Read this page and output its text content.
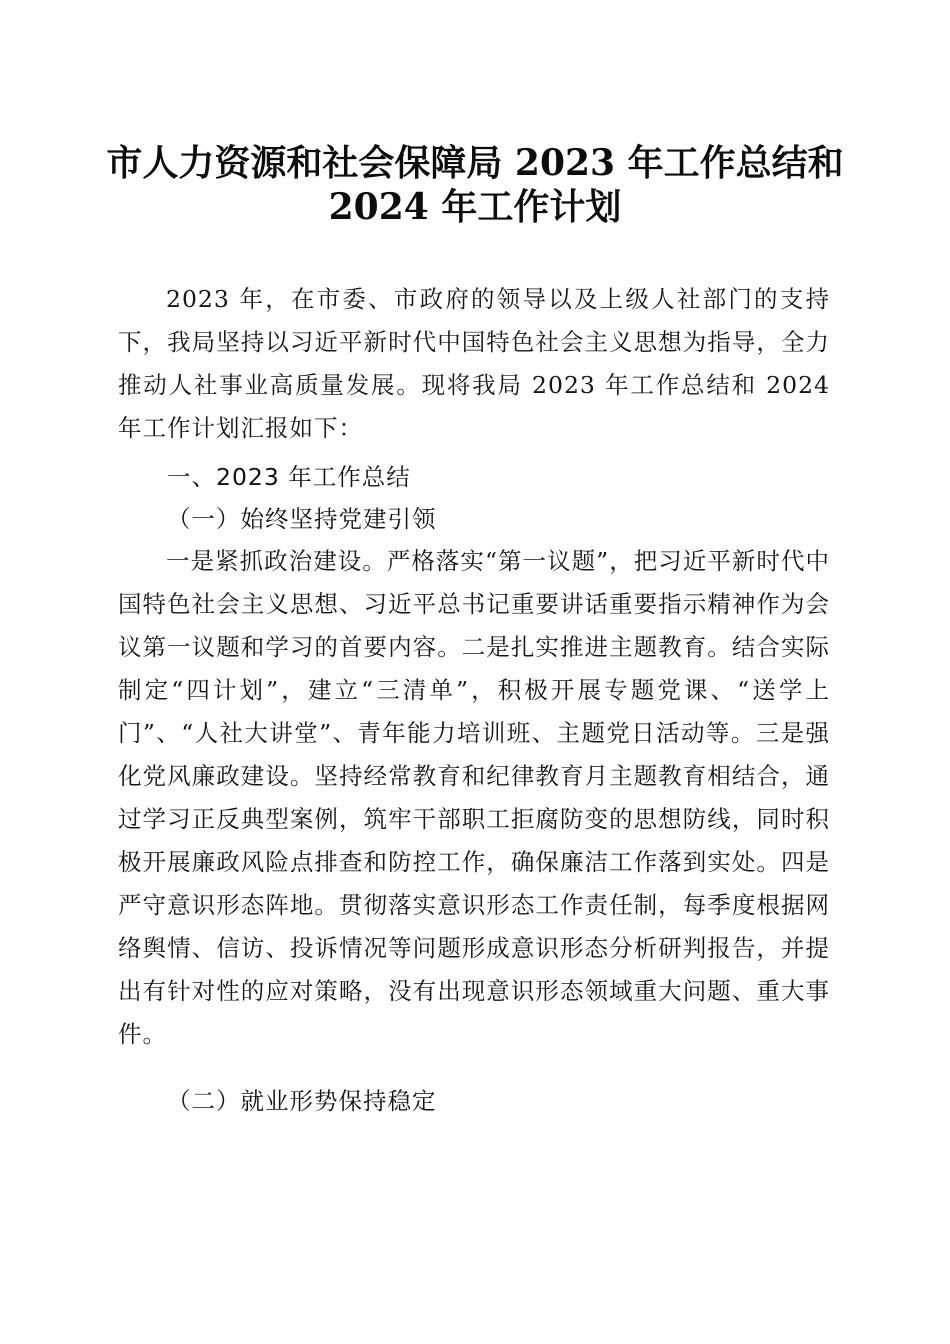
市人力资源和社会保障局 2023 年工作总结和
2024 年工作计划
2023 年，在市委、市政府的领导以及上级人社部门的支持下，我局坚持以习近平新时代中国特色社会主义思想为指导，全力推动人社事业高质量发展。现将我局 2023 年工作总结和 2024 年工作计划汇报如下：
一、2023 年工作总结
（一）始终坚持党建引领
一是紧抓政治建设。严格落实“第一议题”，把习近平新时代中国特色社会主义思想、习近平总书记重要讲话重要指示精神作为会议第一议题和学习的首要内容。二是扎实推进主题教育。结合实际制定“四计划”，建立“三清单”，积极开展专题党课、“送学上门”、“人社大讲堂”、青年能力培训班、主题党日活动等。三是强化党风廉政建设。坚持经常教育和纪律教育月主题教育相结合，通过学习正反典型案例，筑牢干部职工拒腐防变的思想防线，同时积极开展廉政风险点排查和防控工作，确保廉洁工作落到实处。四是严守意识形态阵地。贯彻落实意识形态工作责任制，每季度根据网络舆情、信访、投诉情况等问题形成意识形态分析研判报告，并提出有针对性的应对策略，没有出现意识形态领域重大问题、重大事件。
（二）就业形势保持稳定
